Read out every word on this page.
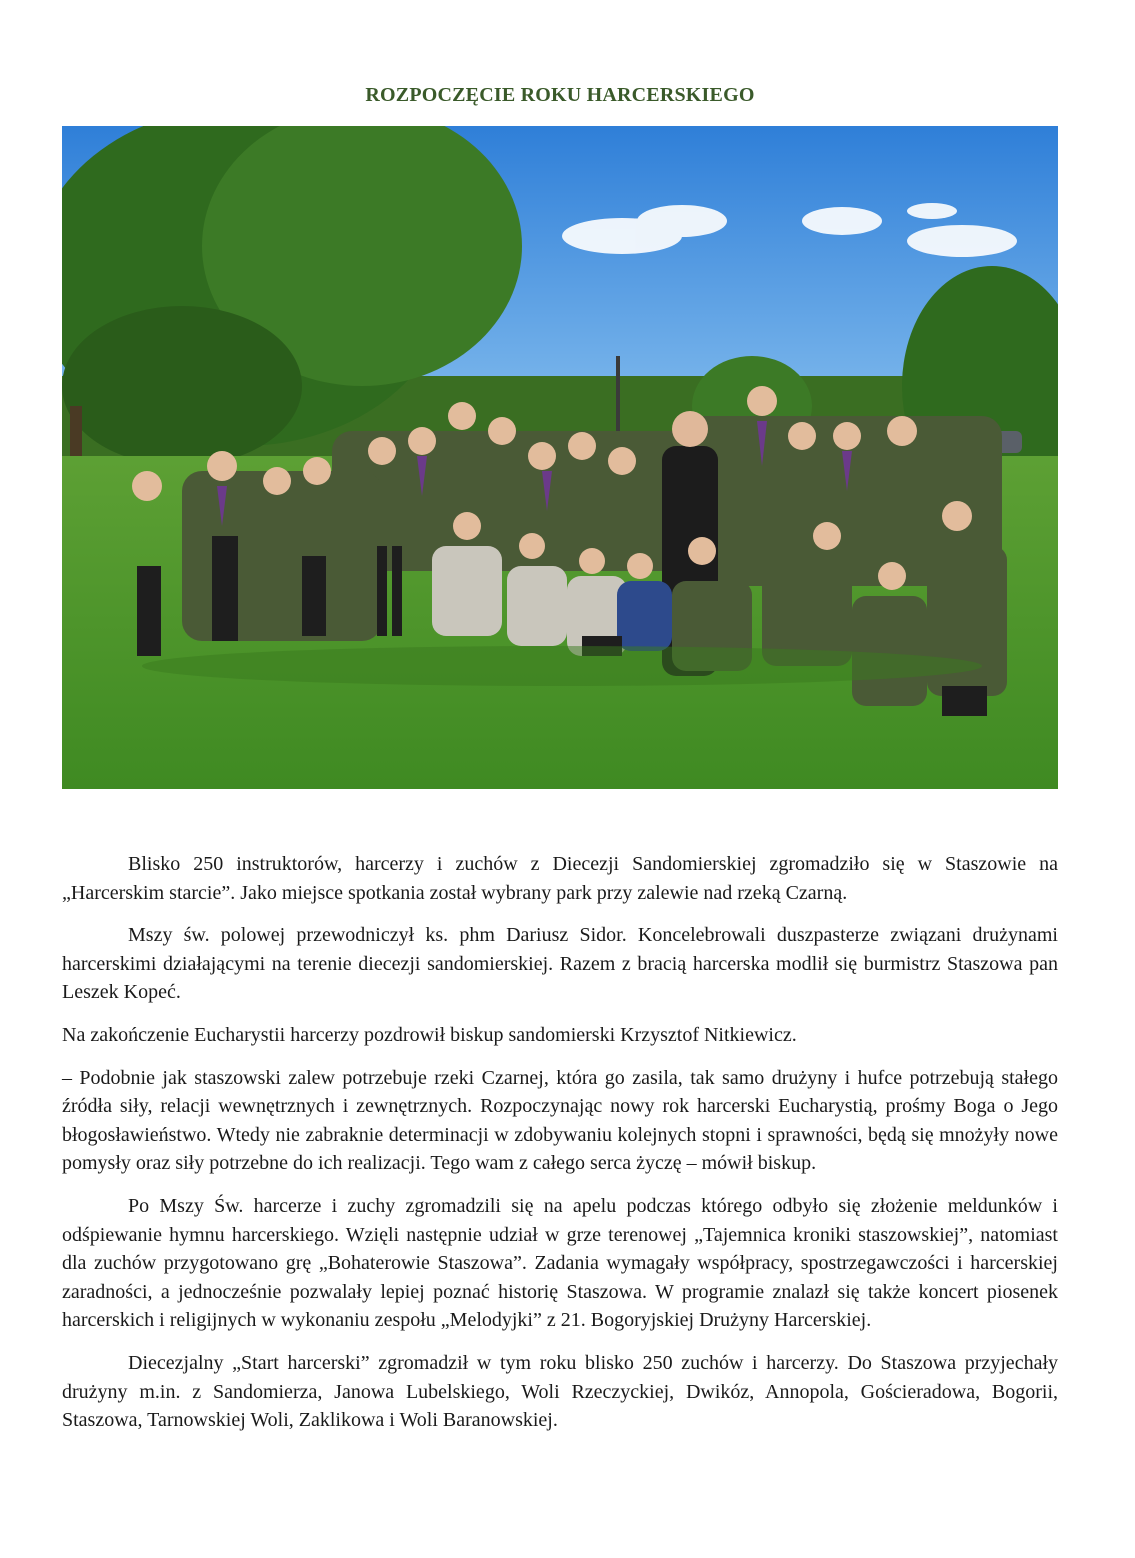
ROZPOCZĘCIE ROKU HARCERSKIEGO

Blisko 250 instruktorów, harcerzy i zuchów z Diecezji Sandomierskiej zgromadziło się w Staszowie na „Harcerskim starcie”. Jako miejsce spotkania został wybrany park przy zalewie nad rzeką Czarną.

Mszy św. polowej przewodniczył ks. phm Dariusz Sidor. Koncelebrowali duszpasterze związani drużynami harcerskimi działającymi na terenie diecezji sandomierskiej. Razem z bracią harcerska modlił się burmistrz Staszowa pan Leszek Kopeć.

Na zakończenie Eucharystii harcerzy pozdrowił biskup sandomierski Krzysztof Nitkiewicz.

– Podobnie jak staszowski zalew potrzebuje rzeki Czarnej, która go zasila, tak samo drużyny i hufce potrzebują stałego źródła siły, relacji wewnętrznych i zewnętrznych. Rozpoczynając nowy rok harcerski Eucharystią, prośmy Boga o Jego błogosławieństwo. Wtedy nie zabraknie determinacji w zdobywaniu kolejnych stopni i sprawności, będą się mnożyły nowe pomysły oraz siły potrzebne do ich realizacji. Tego wam z całego serca życzę – mówił biskup.

Po Mszy Św. harcerze i zuchy zgromadzili się na apelu podczas którego odbyło się złożenie meldunków i odśpiewanie hymnu harcerskiego. Wzięli następnie udział w grze terenowej „Tajemnica kroniki staszowskiej”, natomiast dla zuchów przygotowano grę „Bohaterowie Staszowa”. Zadania wymagały współpracy, spostrzegawczości i harcerskiej zaradności, a jednocześnie pozwalały lepiej poznać historię Staszowa. W programie znalazł się także koncert piosenek harcerskich i religijnych w wykonaniu zespołu „Melodyjki” z 21. Bogoryjskiej Drużyny Harcerskiej.

Diecezjalny „Start harcerski” zgromadził w tym roku blisko 250 zuchów i harcerzy. Do Staszowa przyjechały drużyny m.in. z Sandomierza, Janowa Lubelskiego, Woli Rzeczyckiej, Dwikóz, Annopola, Gościeradowa, Bogorii, Staszowa, Tarnowskiej Woli, Zaklikowa i Woli Baranowskiej.
